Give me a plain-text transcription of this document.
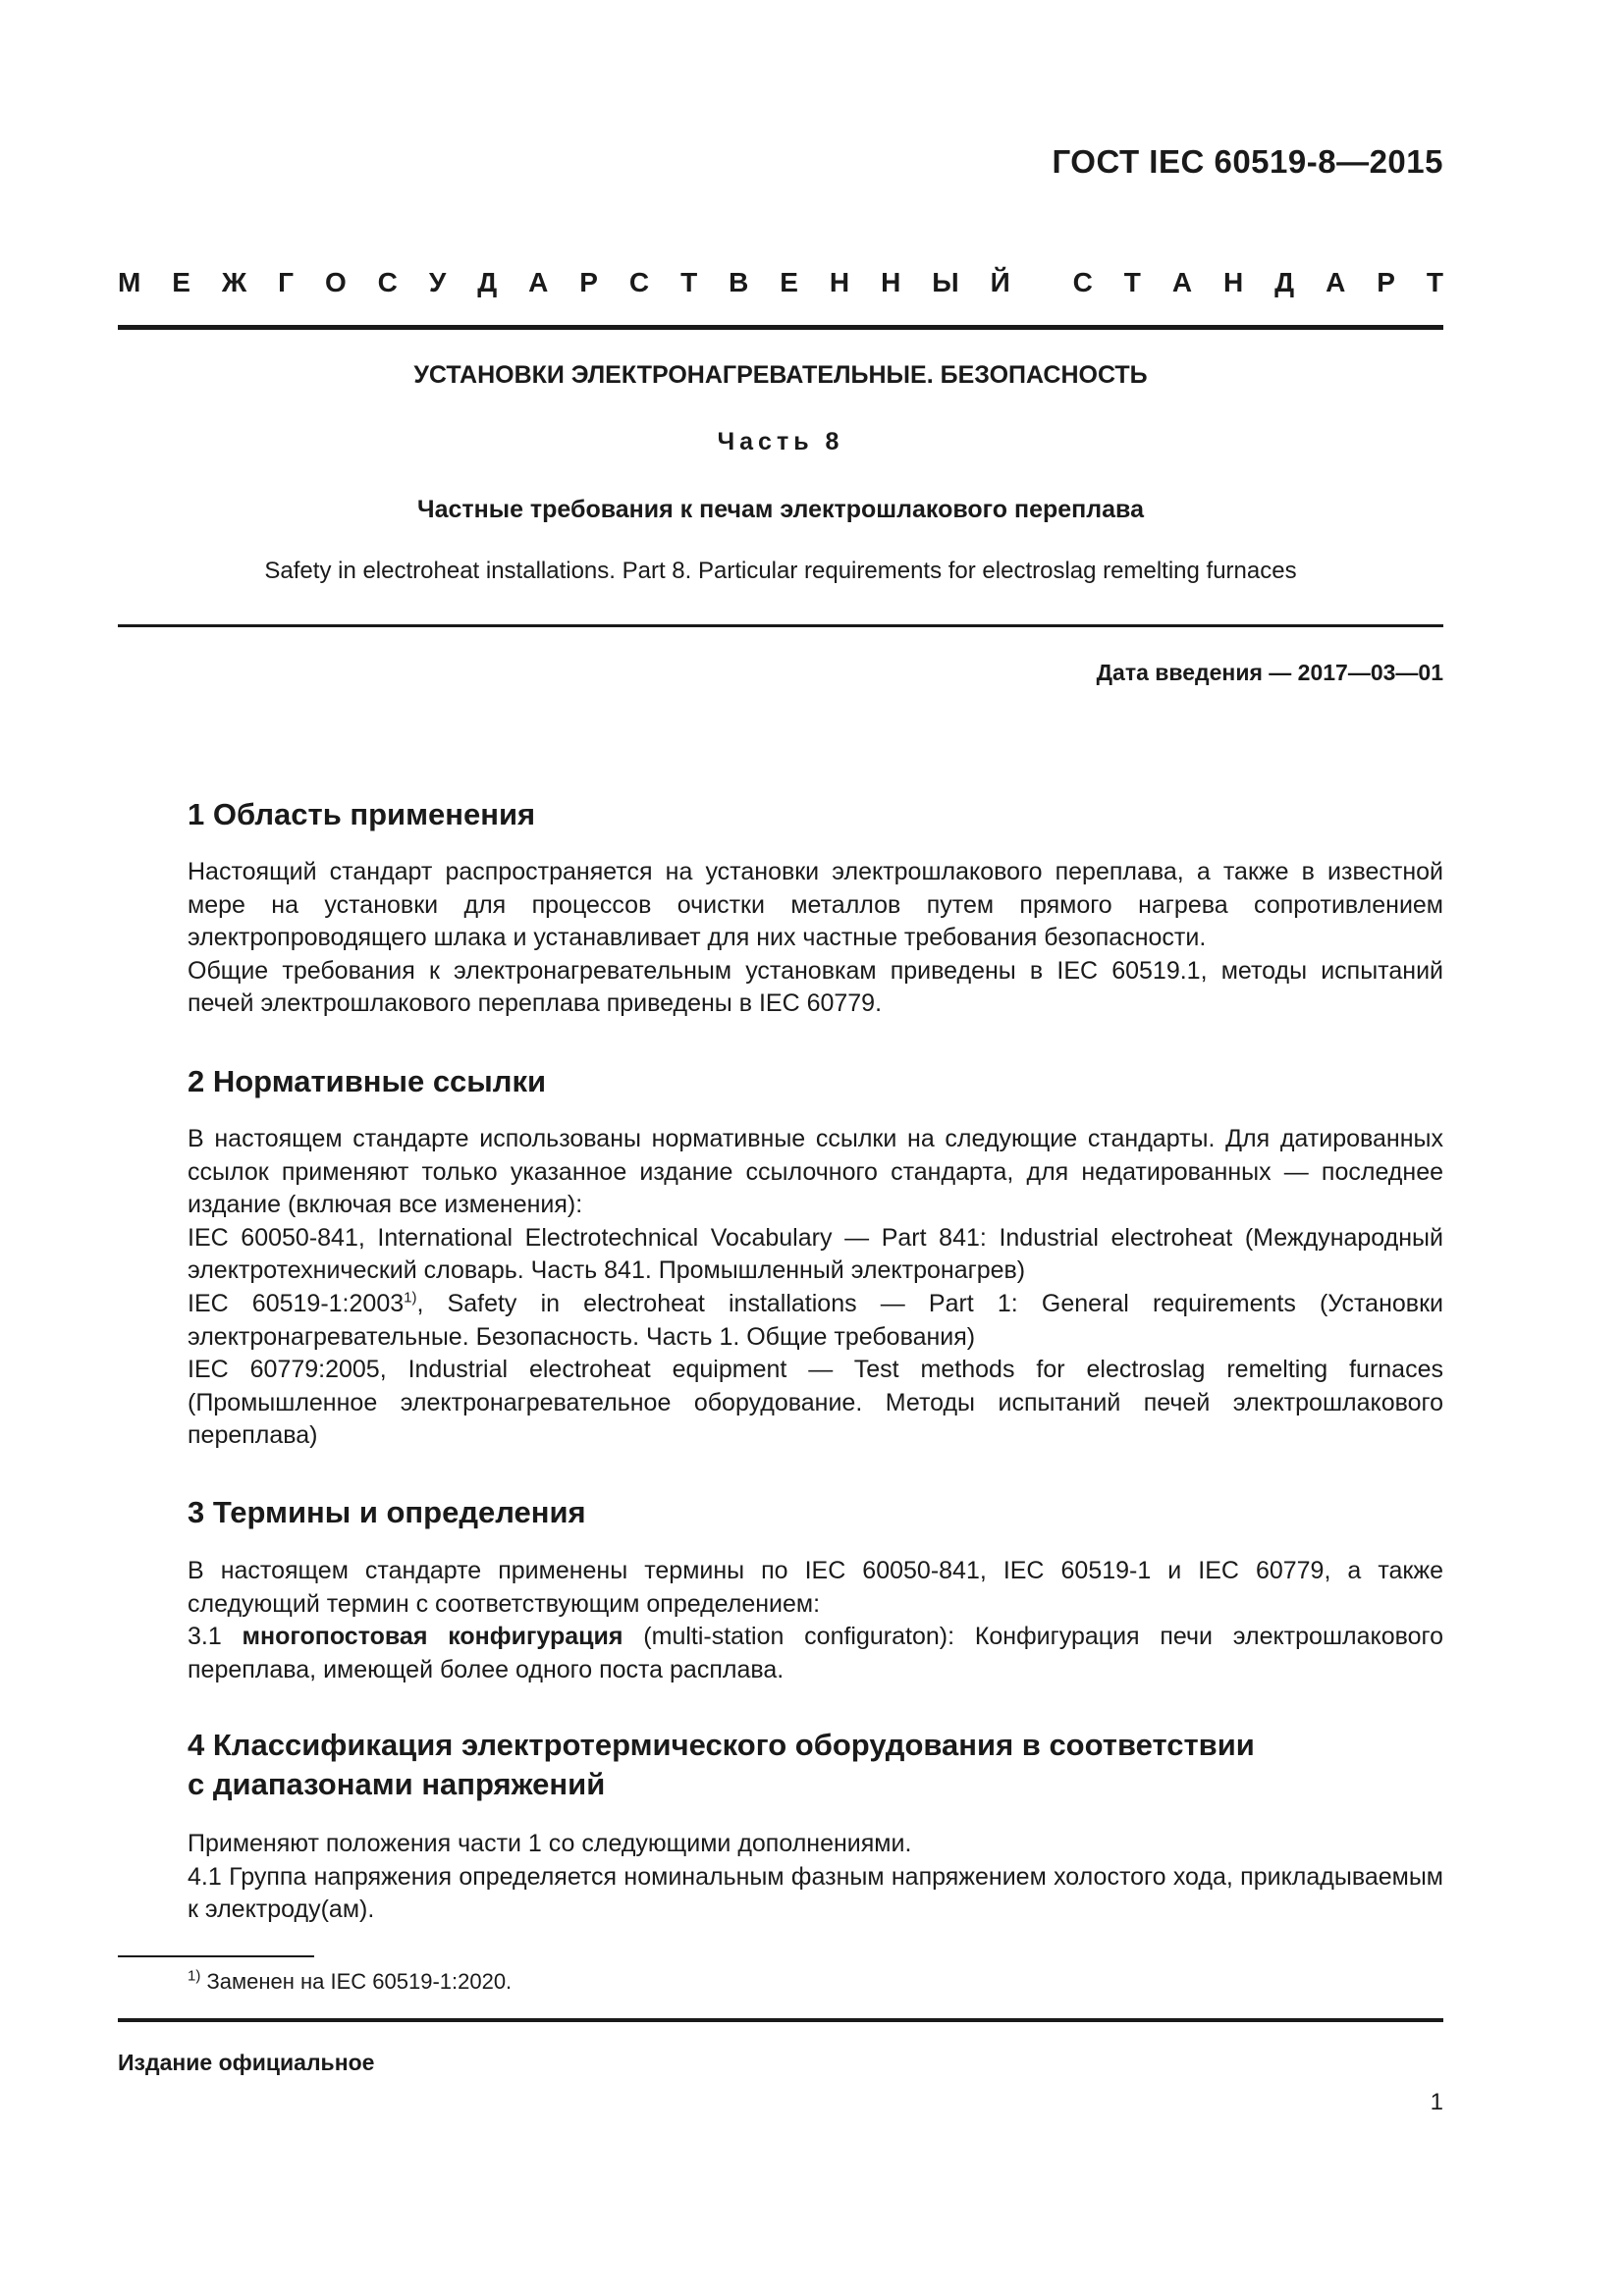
ГОСТ IEC 60519-8—2015
М Е Ж Г О С У Д А Р С Т В Е Н Н Ы Й С Т А Н Д А Р Т
УСТАНОВКИ ЭЛЕКТРОНАГРЕВАТЕЛЬНЫЕ. БЕЗОПАСНОСТЬ
Часть 8
Частные требования к печам электрошлакового переплава
Safety in electroheat installations. Part 8. Particular requirements for electroslag remelting furnaces
Дата введения — 2017—03—01
1 Область применения
Настоящий стандарт распространяется на установки электрошлакового переплава, а также в известной мере на установки для процессов очистки металлов путем прямого нагрева сопротивлением электропроводящего шлака и устанавливает для них частные требования безопасности.
Общие требования к электронагревательным установкам приведены в IEC 60519.1, методы испытаний печей электрошлакового переплава приведены в IEC 60779.
2 Нормативные ссылки
В настоящем стандарте использованы нормативные ссылки на следующие стандарты. Для датированных ссылок применяют только указанное издание ссылочного стандарта, для недатированных — последнее издание (включая все изменения):
IEC 60050-841, International Electrotechnical Vocabulary — Part 841: Industrial electroheat (Международный электротехнический словарь. Часть 841. Промышленный электронагрев)
IEC 60519-1:2003$^{1)}$, Safety in electroheat installations — Part 1: General requirements (Установки электронагревательные. Безопасность. Часть 1. Общие требования)
IEC 60779:2005, Industrial electroheat equipment — Test methods for electroslag remelting furnaces (Промышленное электронагревательное оборудование. Методы испытаний печей электрошлакового переплава)
3 Термины и определения
В настоящем стандарте применены термины по IEC 60050-841, IEC 60519-1 и IEC 60779, а также следующий термин с соответствующим определением:
3.1 многопостовая конфигурация (multi-station configuraton): Конфигурация печи электрошлакового переплава, имеющей более одного поста расплава.
4 Классификация электротермического оборудования в соответствии
с диапазонами напряжений
Применяют положения части 1 со следующими дополнениями.
4.1 Группа напряжения определяется номинальным фазным напряжением холостого хода, прикладываемым к электроду(ам).
$^{1)}$ Заменен на IEC 60519-1:2020.
Издание официальное
1
